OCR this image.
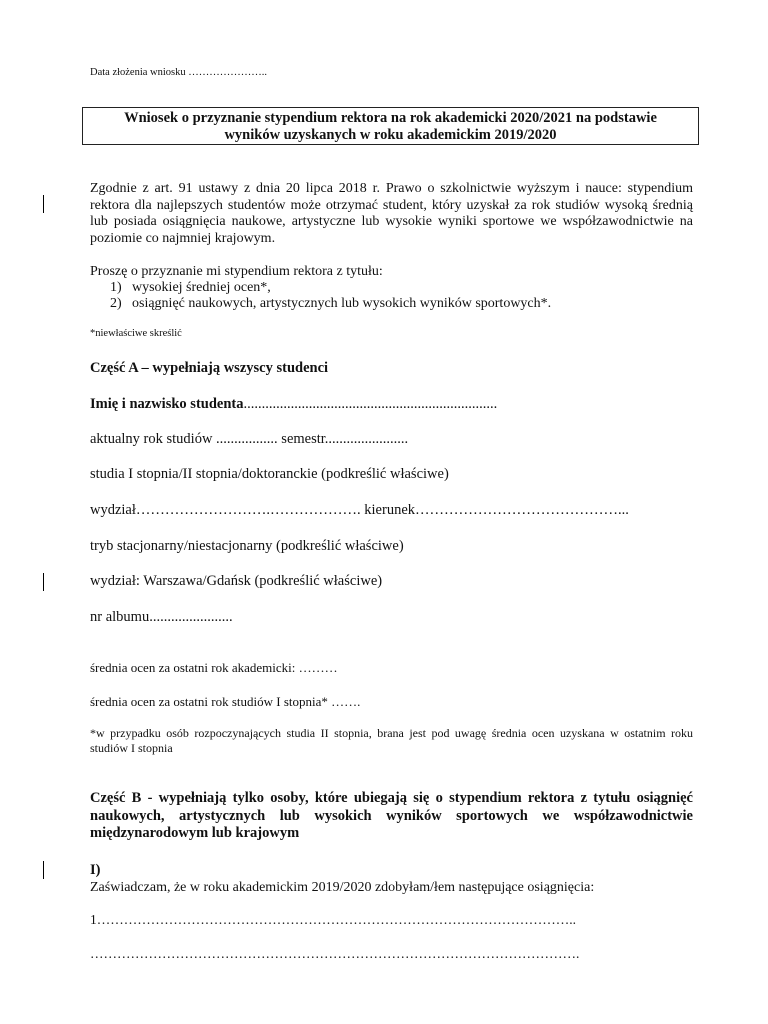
Data złożenia wniosku …………………..
Wniosek o przyznanie stypendium rektora na rok akademicki 2020/2021 na podstawie
wyników uzyskanych w roku akademickim 2019/2020
Zgodnie z art. 91 ustawy z dnia 20 lipca 2018 r. Prawo o szkolnictwie wyższym i nauce: stypendium rektora dla najlepszych studentów może otrzymać student, który uzyskał za rok studiów wysoką średnią lub posiada osiągnięcia naukowe, artystyczne lub wysokie wyniki sportowe we współzawodnictwie na poziomie co najmniej krajowym.
Proszę o przyznanie mi stypendium rektora z tytułu:
1) wysokiej średniej ocen*,
2) osiągnięć naukowych, artystycznych lub wysokich wyników sportowych*.
*niewłaściwe skreślić
Część A – wypełniają wszyscy studenci
Imię i nazwisko studenta......................................................................
aktualny rok studiów ................. semestr.......................
studia I stopnia/II stopnia/doktoranckie (podkreślić właściwe)
wydział……………………….………………. kierunek……………………………………...
tryb stacjonarny/niestacjonarny (podkreślić właściwe)
wydział: Warszawa/Gdańsk (podkreślić właściwe)
nr albumu.......................
średnia ocen za ostatni rok akademicki: ………
średnia ocen za ostatni rok studiów I stopnia* …….
*w przypadku osób rozpoczynających studia II stopnia, brana jest pod uwagę średnia ocen uzyskana w ostatnim roku studiów I stopnia
Część B - wypełniają tylko osoby, które ubiegają się o stypendium rektora z tytułu osiągnięć naukowych, artystycznych lub wysokich wyników sportowych we współzawodnictwie międzynarodowym lub krajowym
I)
Zaświadczam, że w roku akademickim 2019/2020 zdobyłam/łem następujące osiągnięcia:
1……………………………………………………………………………………………..
……………………………………………………………………………………………….
